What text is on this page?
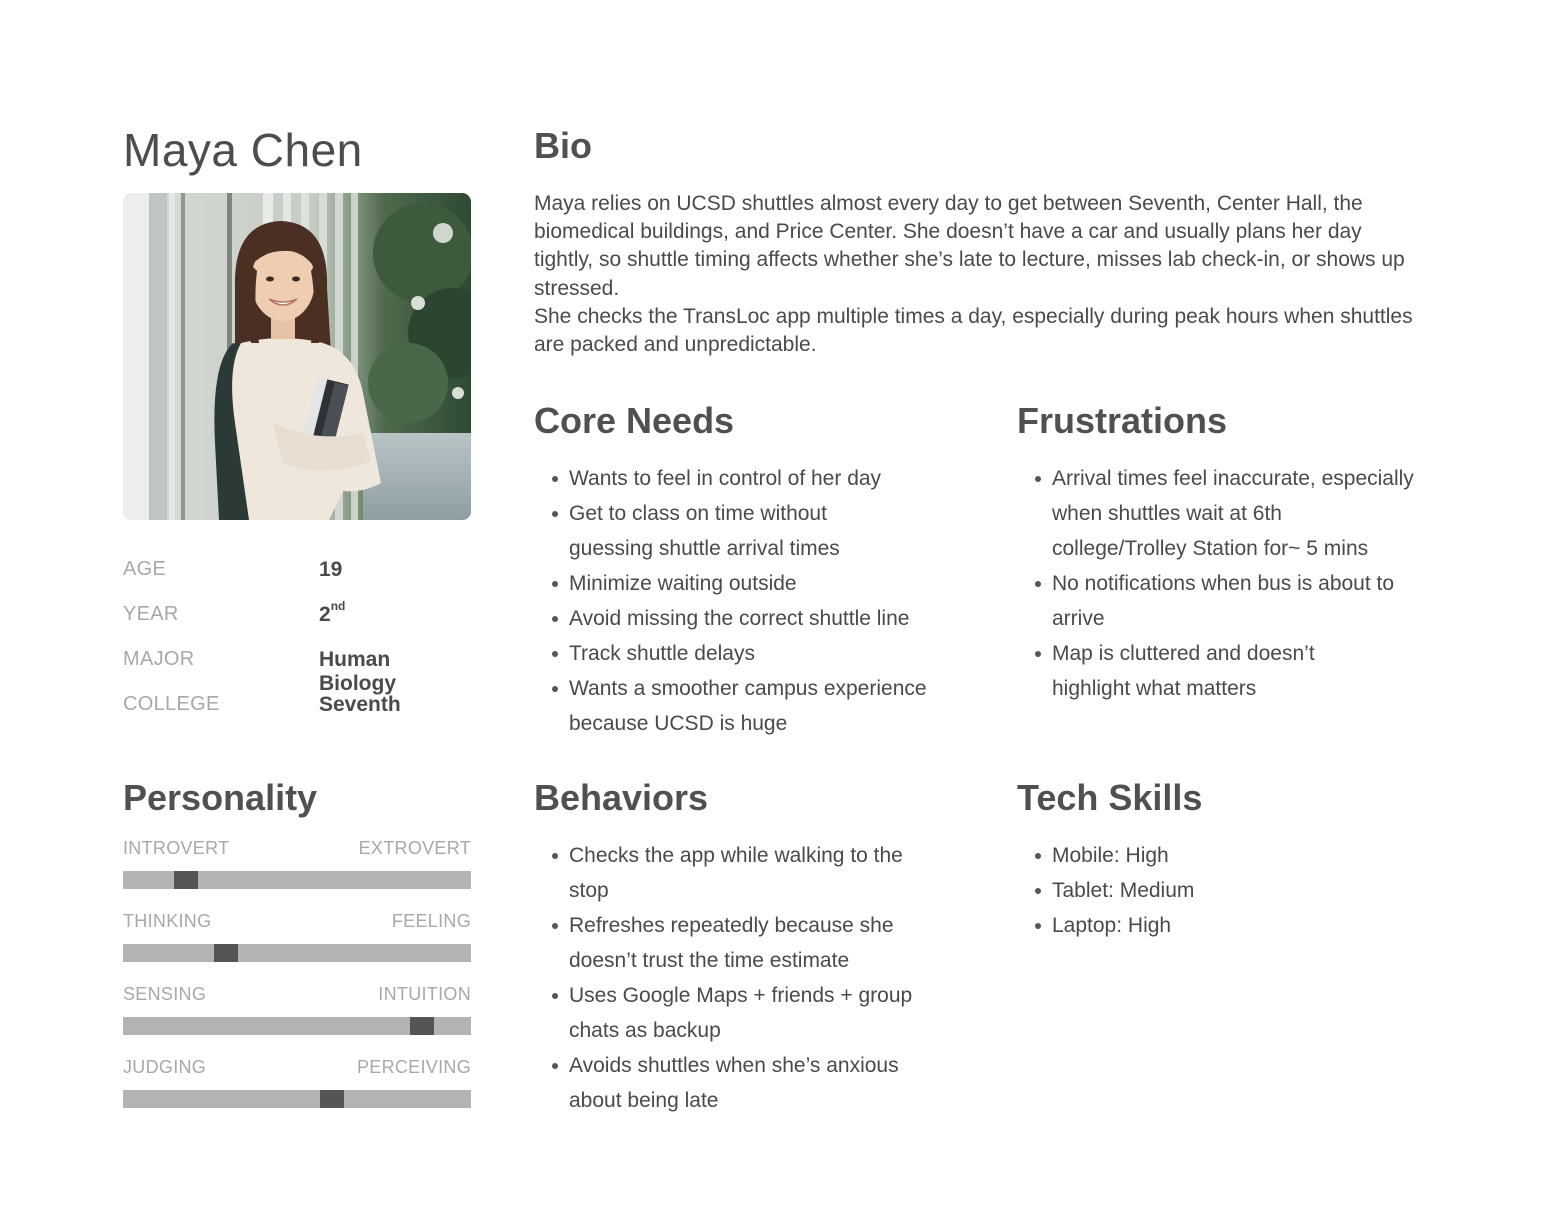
Maya Chen
AGE	19
YEAR	2nd
MAJOR	Human Biology
COLLEGE	Seventh
Personality
INTROVERT	EXTROVERT
THINKING	FEELING
SENSING	INTUITION
JUDGING	PERCEIVING
Bio

Maya relies on UCSD shuttles almost every day to get between Seventh, Center Hall, the biomedical buildings, and Price Center. She doesn’t have a car and usually plans her day tightly, so shuttle timing affects whether she’s late to lecture, misses lab check-in, or shows up stressed.

She checks the TransLoc app multiple times a day, especially during peak hours when shuttles are packed and unpredictable.

Core Needs
Wants to feel in control of her day
Get to class on time without guessing shuttle arrival times
Minimize waiting outside
Avoid missing the correct shuttle line
Track shuttle delays
Wants a smoother campus experience because UCSD is huge
Frustrations
Arrival times feel inaccurate, especially when shuttles wait at 6th college/Trolley Station for~ 5 mins
No notifications when bus is about to arrive
Map is cluttered and doesn’t highlight what matters
Behaviors
Checks the app while walking to the stop
Refreshes repeatedly because she doesn’t trust the time estimate
Uses Google Maps + friends + group chats as backup
Avoids shuttles when she’s anxious about being late
Tech Skills
Mobile: High
Tablet: Medium
Laptop: High
